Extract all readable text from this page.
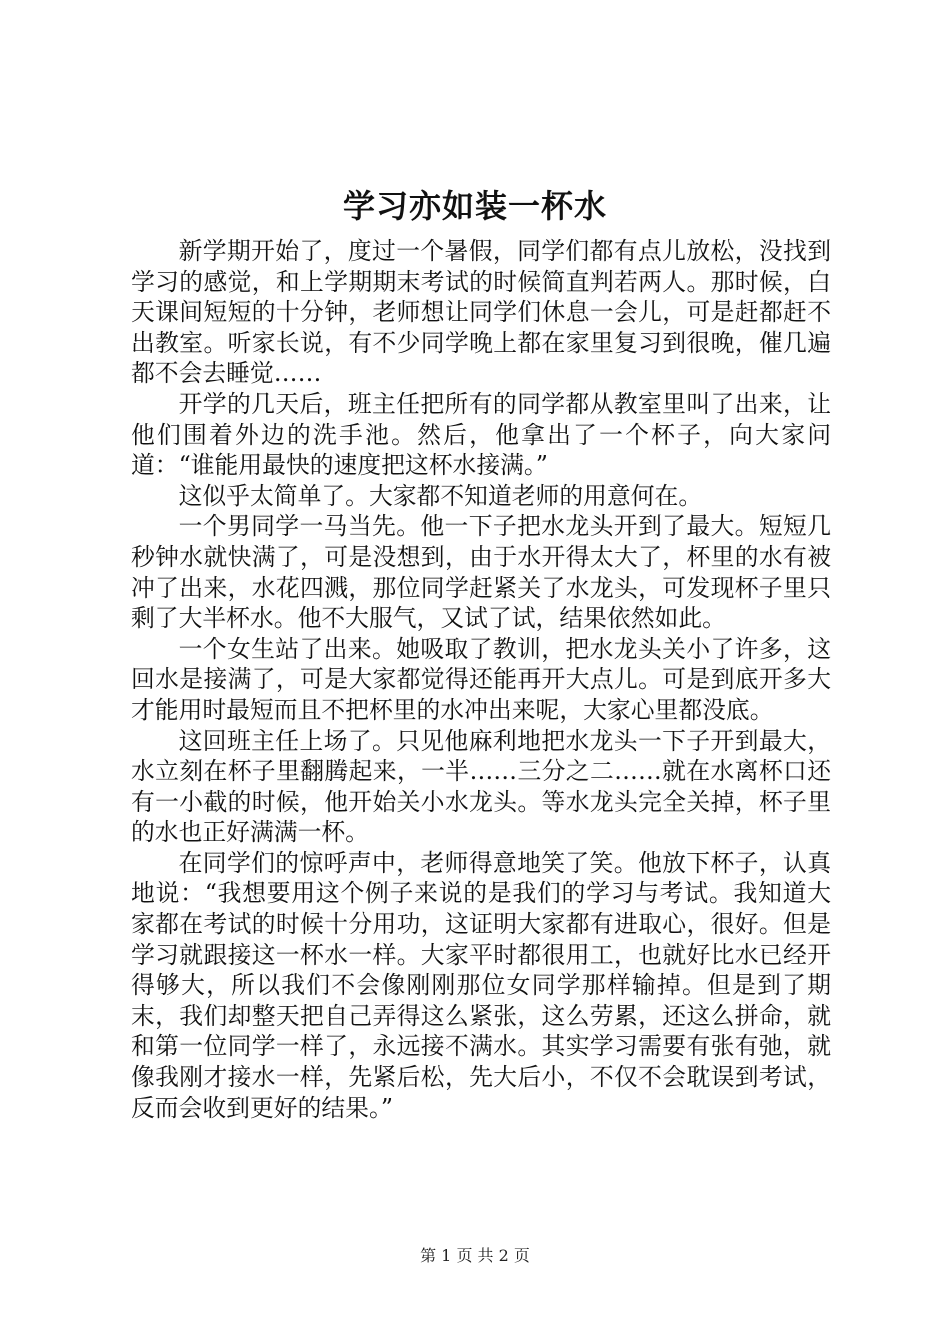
学习亦如装一杯水

新学期开始了，度过一个暑假，同学们都有点儿放松，没找到学习的感觉，和上学期期末考试的时候简直判若两人。那时候，白天课间短短的十分钟，老师想让同学们休息一会儿，可是赶都赶不出教室。听家长说，有不少同学晚上都在家里复习到很晚，催几遍都不会去睡觉……

开学的几天后，班主任把所有的同学都从教室里叫了出来，让他们围着外边的洗手池。然后，他拿出了一个杯子，向大家问道：“谁能用最快的速度把这杯水接满。”

这似乎太简单了。大家都不知道老师的用意何在。

一个男同学一马当先。他一下子把水龙头开到了最大。短短几秒钟水就快满了，可是没想到，由于水开得太大了，杯里的水有被冲了出来，水花四溅，那位同学赶紧关了水龙头，可发现杯子里只剩了大半杯水。他不大服气，又试了试，结果依然如此。

一个女生站了出来。她吸取了教训，把水龙头关小了许多，这回水是接满了，可是大家都觉得还能再开大点儿。可是到底开多大才能用时最短而且不把杯里的水冲出来呢，大家心里都没底。

这回班主任上场了。只见他麻利地把水龙头一下子开到最大，水立刻在杯子里翻腾起来，一半……三分之二……就在水离杯口还有一小截的时候，他开始关小水龙头。等水龙头完全关掉，杯子里的水也正好满满一杯。

在同学们的惊呼声中，老师得意地笑了笑。他放下杯子，认真地说：“我想要用这个例子来说的是我们的学习与考试。我知道大家都在考试的时候十分用功，这证明大家都有进取心，很好。但是学习就跟接这一杯水一样。大家平时都很用工，也就好比水已经开得够大，所以我们不会像刚刚那位女同学那样输掉。但是到了期末，我们却整天把自己弄得这么紧张，这么劳累，还这么拼命，就和第一位同学一样了，永远接不满水。其实学习需要有张有弛，就像我刚才接水一样，先紧后松，先大后小，不仅不会耽误到考试，反而会收到更好的结果。”

第 1 页 共 2 页
